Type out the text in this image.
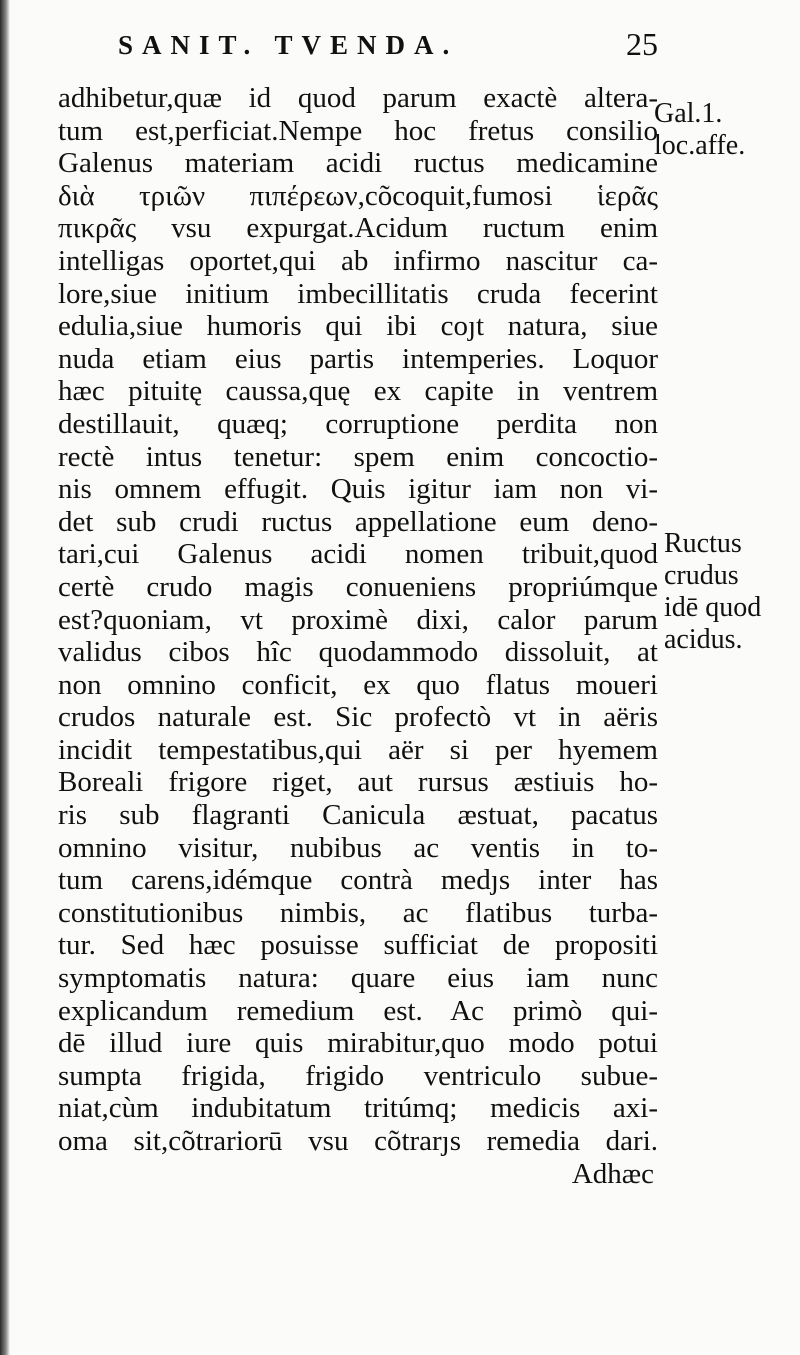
SANIT. TVENDA.	25
adhibetur,quæ id quod parum exactè altera-
tum est,perficiat.Nempe hoc fretus consilio
Galenus materiam acidi ructus medicamine
διὰ τριῶν πιπέρεων,cõcoquit,fumosi ἱερᾶς
πικρᾶς vsu expurgat.Acidum ructum enim
intelligas oportet,qui ab infirmo nascitur ca-
lore,siue initium imbecillitatis cruda fecerint
edulia,siue humoris qui ibi coȷt natura, siue
nuda etiam eius partis intemperies. Loquor
hæc pituitę caussa,quę ex capite in ventrem
destillauit, quæq; corruptione perdita non
rectè intus tenetur: spem enim concoctio-
nis omnem effugit. Quis igitur iam non vi-
det sub crudi ructus appellatione eum deno-
tari,cui Galenus acidi nomen tribuit,quod
certè crudo magis conueniens propriúmque
est?quoniam, vt proximè dixi, calor parum
validus cibos hîc quodammodo dissoluit, at
non omnino conficit, ex quo flatus moueri
crudos naturale est. Sic profectò vt in aëris
incidit tempestatibus,qui aër si per hyemem
Boreali frigore riget, aut rursus æstiuis ho-
ris sub flagranti Canicula æstuat, pacatus
omnino visitur, nubibus ac ventis in to-
tum carens,idémque contrà medȷs inter has
constitutionibus nimbis, ac flatibus turba-
tur. Sed hæc posuisse sufficiat de propositi
symptomatis natura: quare eius iam nunc
explicandum remedium est. Ac primò qui-
dē illud iure quis mirabitur,quo modo potui
sumpta frigida, frigido ventriculo subue-
niat,cùm indubitatum tritúmq; medicis axi-
oma sit,cõtrariorū vsu cõtrarȷs remedia dari.
Adhæc
Gal.1.
loc.affe.
Ructus
crudus
idē quod
acidus.
